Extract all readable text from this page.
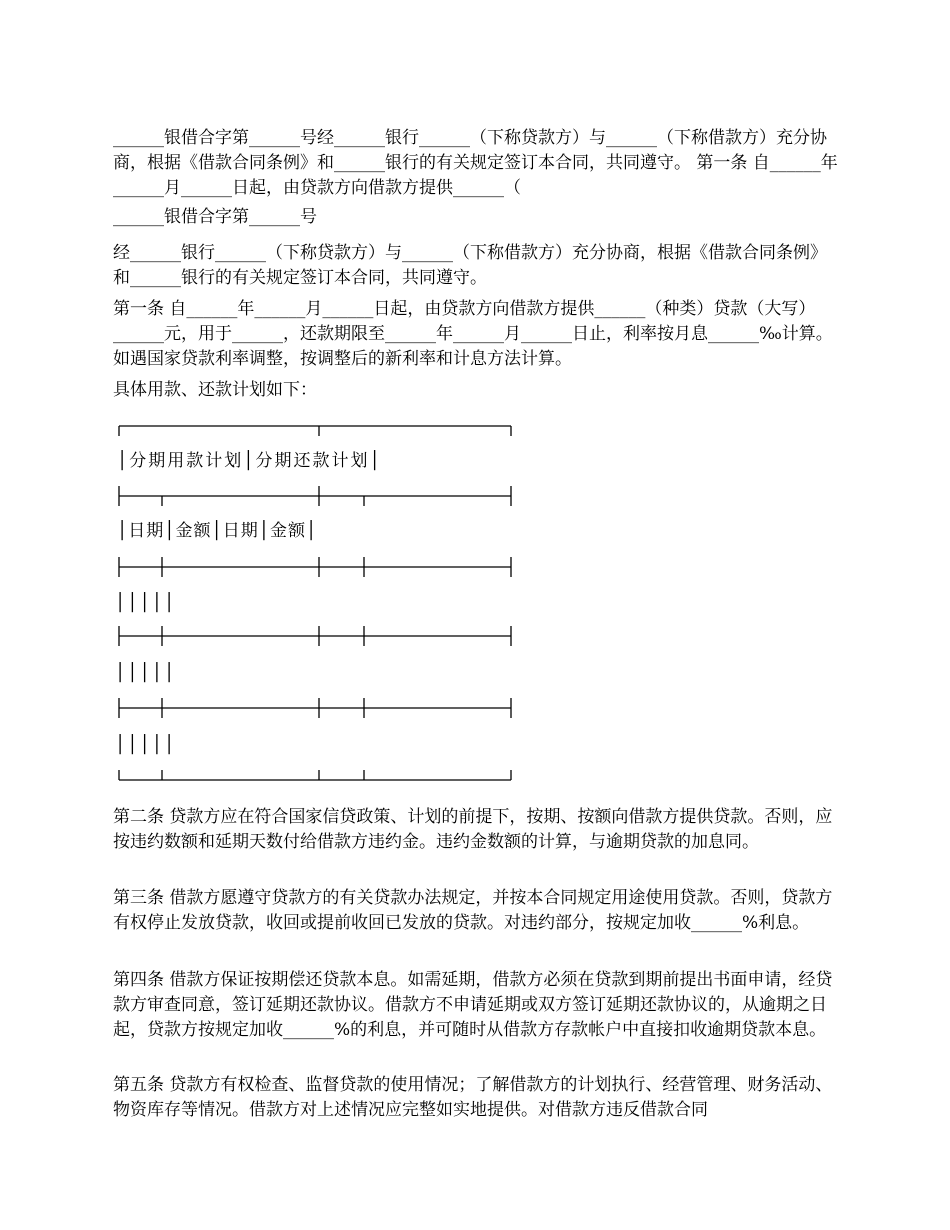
______银借合字第______号经______银行______（下称贷款方）与______（下称借款方）充分协商，根据《借款合同条例》和______银行的有关规定签订本合同，共同遵守。 第一条 自______年______月______日起，由贷款方向借款方提供______（

______银借合字第______号

经______银行______（下称贷款方）与______（下称借款方）充分协商，根据《借款合同条例》和______银行的有关规定签订本合同，共同遵守。

第一条 自______年______月______日起，由贷款方向借款方提供______（种类）贷款（大写）______元，用于______，还款期限至______年______月______日止，利率按月息______‰计算。如遇国家贷款利率调整，按调整后的新利率和计息方法计算。

具体用款、还款计划如下：

│分期用款计划│分期还款计划│

│日期│金额│日期│金额│

│││││

│││││

│││││

第二条 贷款方应在符合国家信贷政策、计划的前提下，按期、按额向借款方提供贷款。否则，应按违约数额和延期天数付给借款方违约金。违约金数额的计算，与逾期贷款的加息同。

第三条 借款方愿遵守贷款方的有关贷款办法规定，并按本合同规定用途使用贷款。否则，贷款方有权停止发放贷款，收回或提前收回已发放的贷款。对违约部分，按规定加收______%利息。

第四条 借款方保证按期偿还贷款本息。如需延期，借款方必须在贷款到期前提出书面申请，经贷款方审查同意，签订延期还款协议。借款方不申请延期或双方签订延期还款协议的，从逾期之日起，贷款方按规定加收______%的利息，并可随时从借款方存款帐户中直接扣收逾期贷款本息。

第五条 贷款方有权检查、监督贷款的使用情况；了解借款方的计划执行、经营管理、财务活动、物资库存等情况。借款方对上述情况应完整如实地提供。对借款方违反借款合同
